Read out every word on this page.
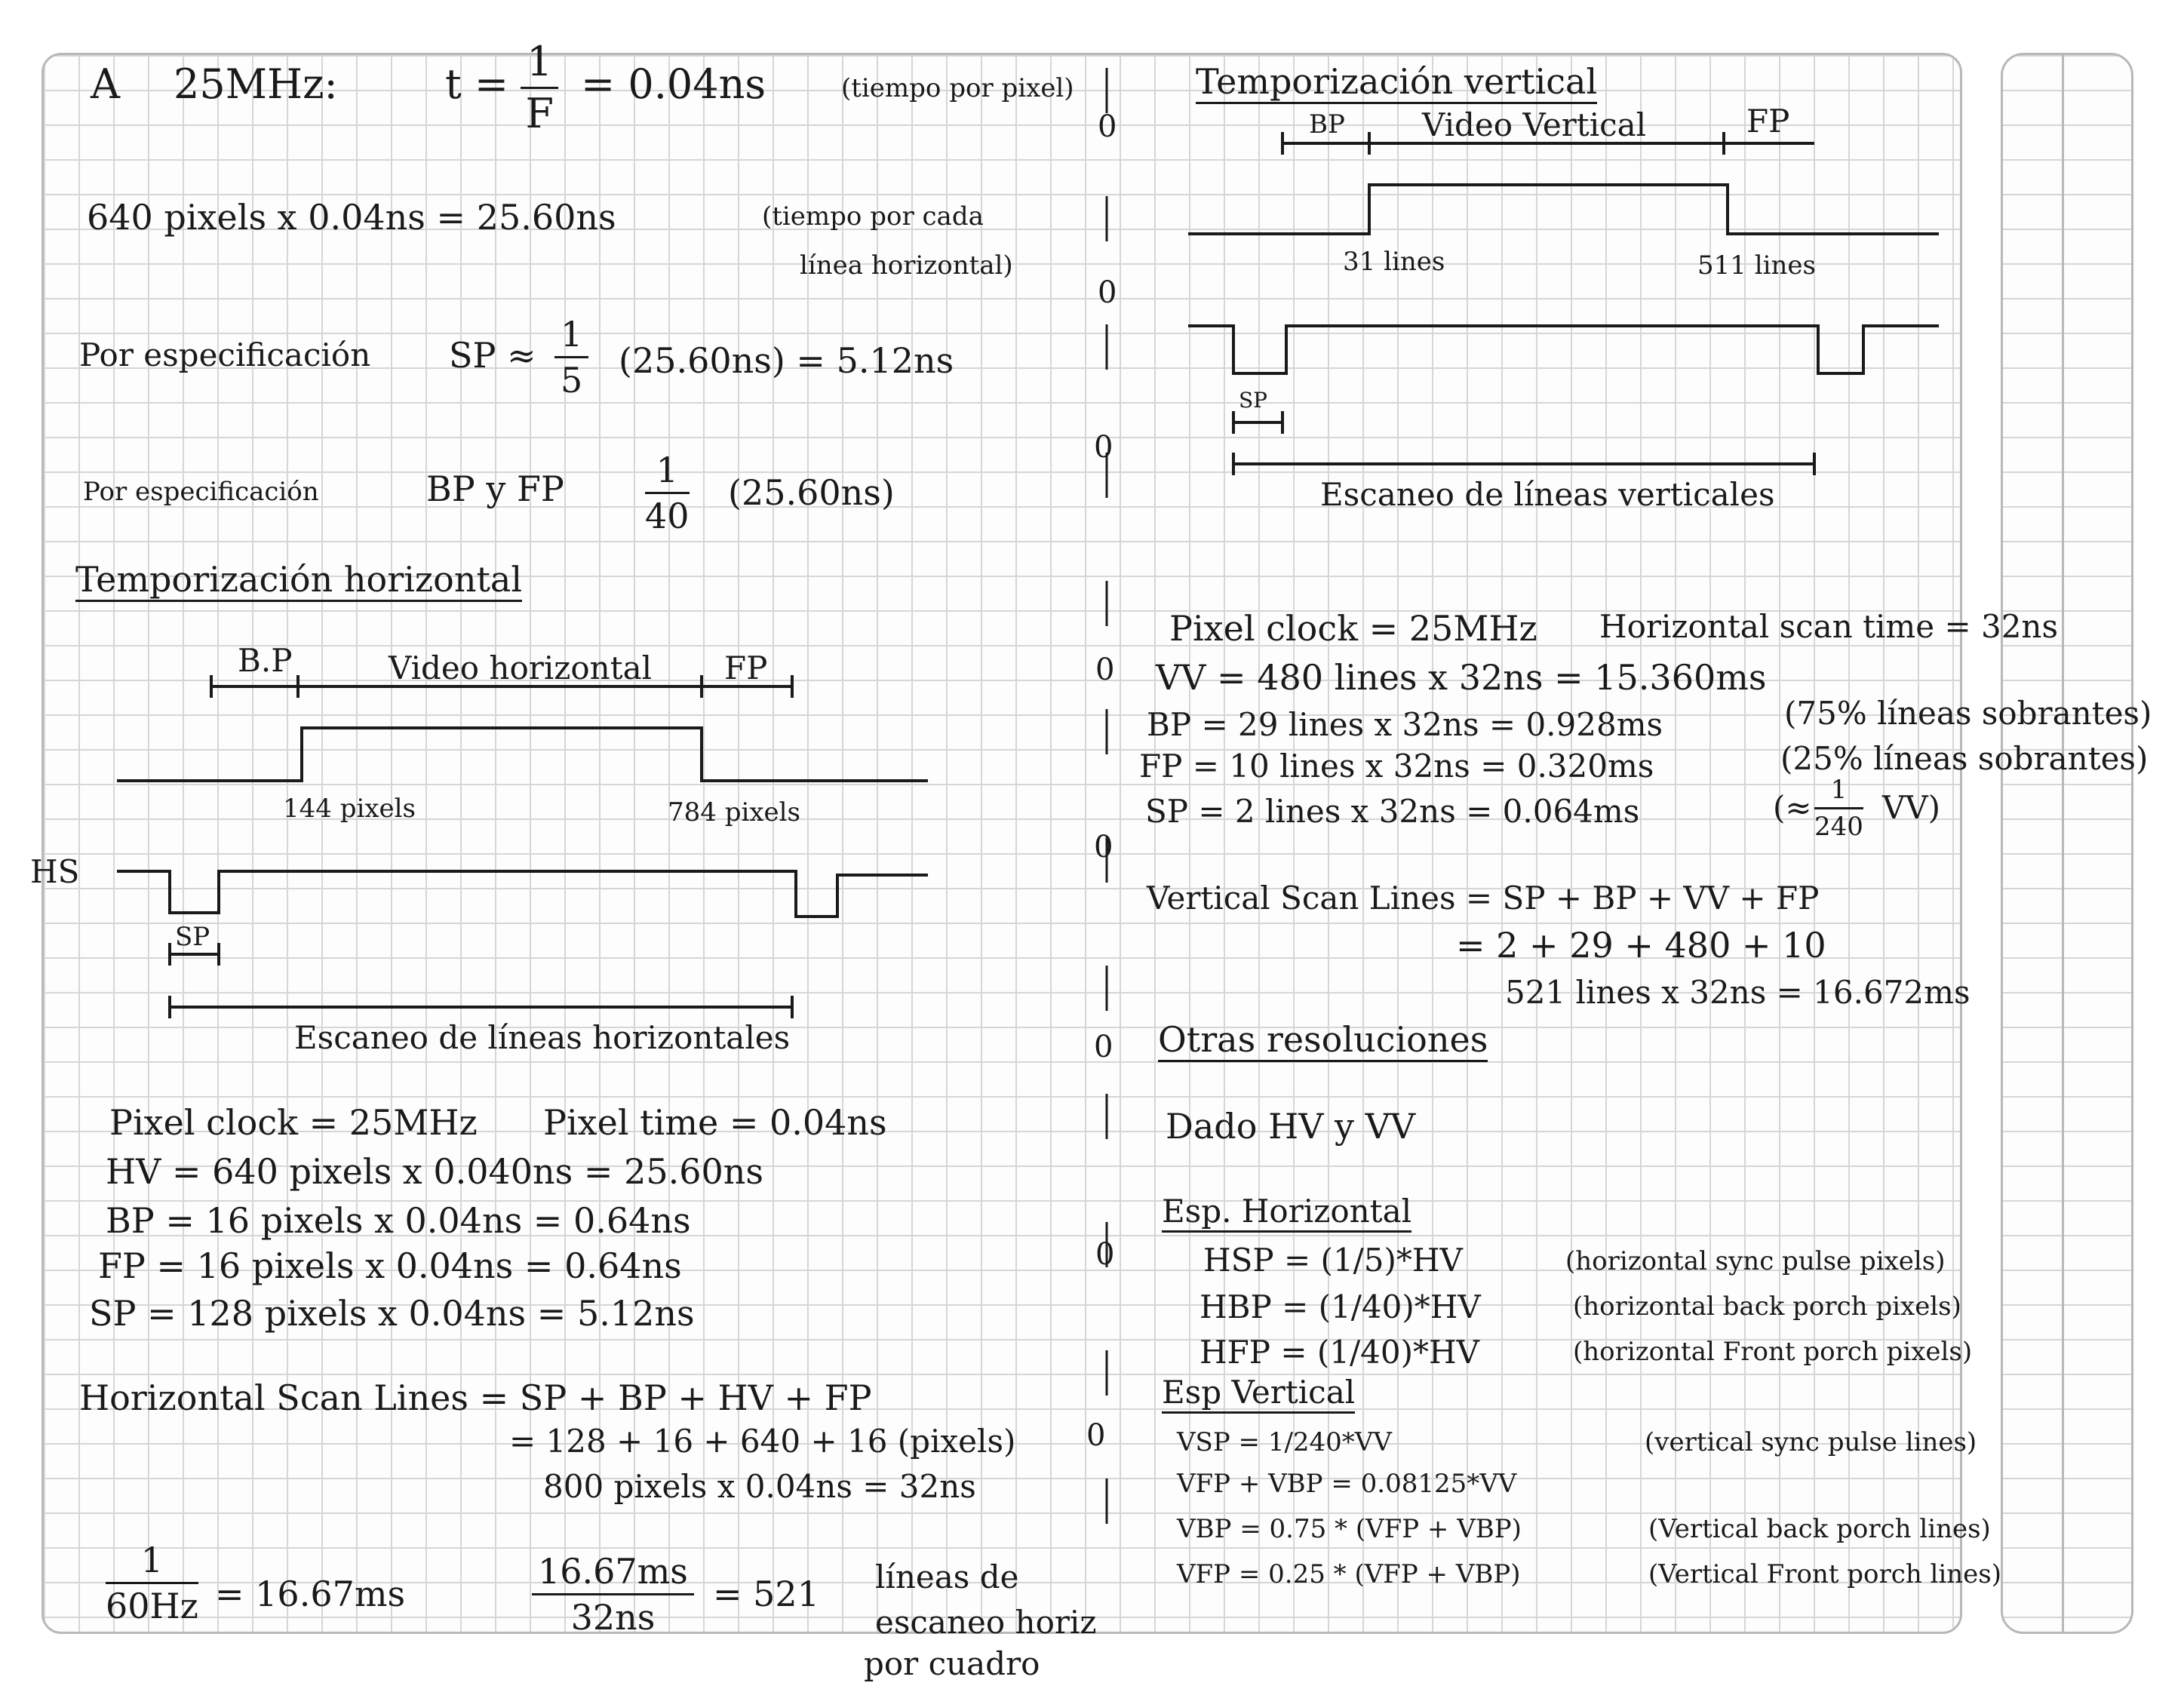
A 25MHz:	$t = \frac{1}{F} = 0.04ns$	(tiempo por pixel)
640 pixels x 0.04ns = 25.60ns	(tiempo por cada
línea horizontal)
Por especificación SP ≈ $\frac{1}{5} (25.60ns) = 5.12ns$
Por especificación	BP y FP $\frac{1}{40} (25.60ns)$
Temporización horizontal
B.P	Video horizontal FP
144 pixels	784 pixels
HS
SP
Escaneo de líneas horizontales
Pixel clock = 25MHz Pixel time = 0.04ns
HV = 640 pixels x 0.040ns = 25.60ns
BP = 16 pixels x 0.04ns = 0.64ns
FP = 16 pixels x 0.04ns = 0.64ns
SP = 128 pixels x 0.04ns = 5.12ns
Horizontal Scan Lines = SP + BP + HV + FP
= 128 + 16 + 640 + 16 (pixels)
800 pixels x 0.04ns = 32ns
$\frac{1}{60Hz} = 16.67ms$	$\frac{16.67ms}{32ns} = 521$ líneas de
escaneo horiz
por cuadro
0
0
0
0
0
0
0
0
Temporización vertical
BP Video Vertical	FP
31 lines	511 lines
SP
Escaneo de líneas verticales
Pixel clock = 25MHz Horizontal scan time = 32ns
VV = 480 lines x 32ns = 15.360ms
BP = 29 lines x 32ns = 0.928ms	(75% líneas sobrantes)
FP = 10 lines x 32ns = 0.320ms	(25% líneas sobrantes)
SP = 2 lines x 32ns = 0.064ms	(≈ $\frac{1}{240} VV$)
Vertical Scan Lines = SP + BP + VV + FP
= 2 + 29 + 480 + 10
521 lines x 32ns = 16.672ms
Otras resoluciones
Dado HV y VV
Esp. Horizontal
HSP = (1/5)*HV	(horizontal sync pulse pixels)
HBP = (1/40)*HV	(horizontal back porch pixels)
HFP = (1/40)*HV	(horizontal Front porch pixels)
Esp Vertical
VSP = 1/240*VV	(vertical sync pulse lines)
VFP + VBP = 0.08125*VV
VBP = 0.75 * (VFP + VBP)	(Vertical back porch lines)
VFP = 0.25 * (VFP + VBP)	(Vertical Front porch lines)
